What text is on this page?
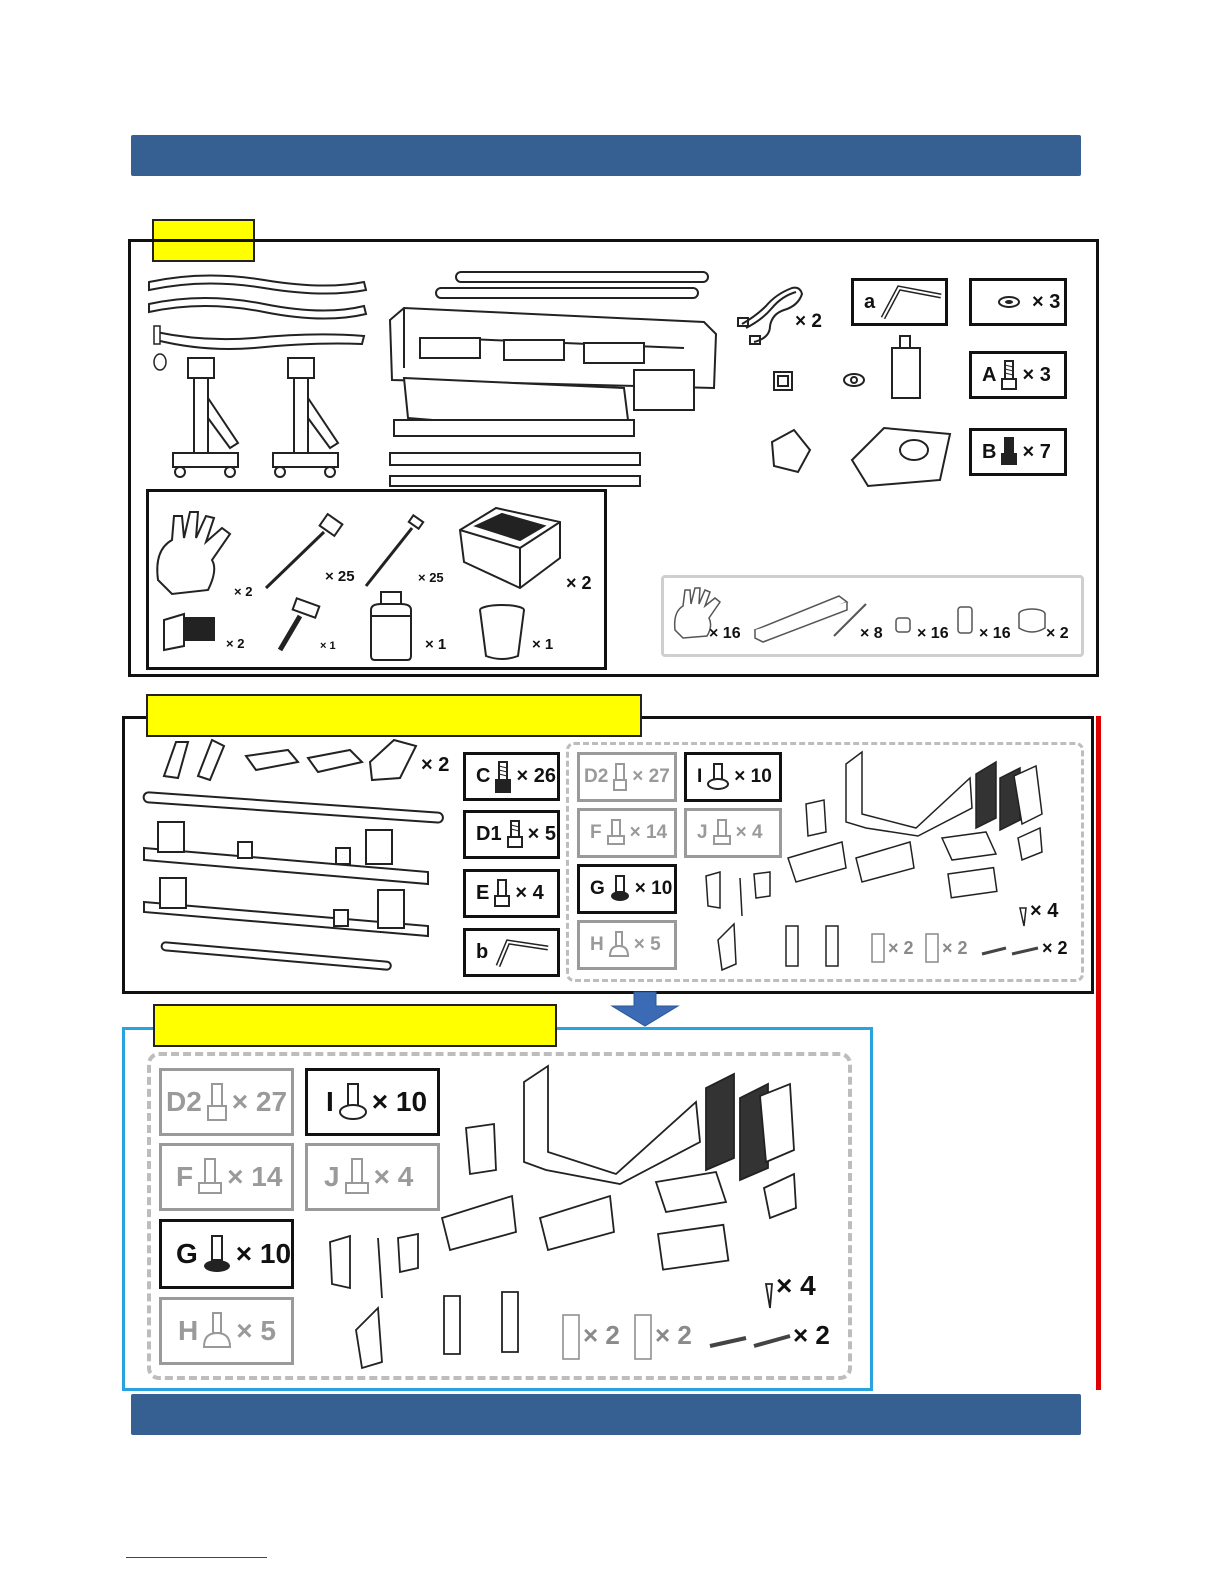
× 2
a	× 3
A × 3
B × 7
× 2
× 25	× 25	× 2
× 2	× 1	× 1	× 1
× 16	× 8 × 16 × 16 × 2
× 2 C × 26
D1 × 5
E × 4
b
D2 × 27 I × 10
F × 14 J × 4
G × 10
H × 5
× 4
× 2 × 2	× 2
D2 × 27 I × 10
F × 14 J × 4
G × 10
H × 5
× 4
× 2 × 2	× 2
